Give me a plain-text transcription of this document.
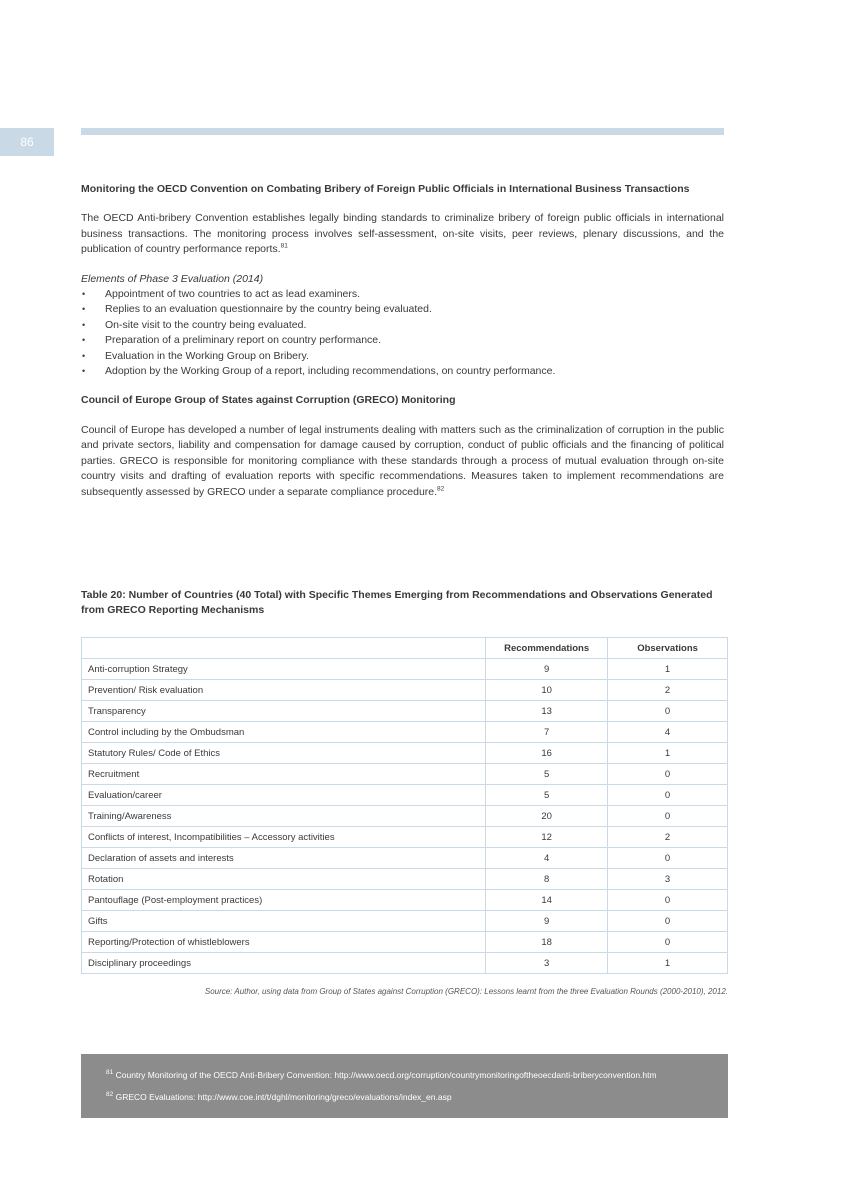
86

Monitoring the OECD Convention on Combating Bribery of Foreign Public Officials in International Business Transactions

The OECD Anti-bribery Convention establishes legally binding standards to criminalize bribery of foreign public officials in international business transactions. The monitoring process involves self-assessment, on-site visits, peer reviews, plenary discussions, and the publication of country performance reports.$^{81}$

Elements of Phase 3 Evaluation (2014)

• Appointment of two countries to act as lead examiners.
• Replies to an evaluation questionnaire by the country being evaluated.
• On-site visit to the country being evaluated.
• Preparation of a preliminary report on country performance.
• Evaluation in the Working Group on Bribery.
• Adoption by the Working Group of a report, including recommendations, on country performance.

Council of Europe Group of States against Corruption (GRECO) Monitoring

Council of Europe has developed a number of legal instruments dealing with matters such as the criminalization of corruption in the public and private sectors, liability and compensation for damage caused by corruption, conduct of public officials and the financing of political parties. GRECO is responsible for monitoring compliance with these standards through a process of mutual evaluation through on-site country visits and drafting of evaluation reports with specific recommendations. Measures taken to implement recommendations are subsequently assessed by GRECO under a separate compliance procedure.$^{82}$

Table 20: Number of Countries (40 Total) with Specific Themes Emerging from Recommendations and Observations Generated from GRECO Reporting Mechanisms

	Recommendations	Observations
Anti-corruption Strategy	9	1
Prevention/ Risk evaluation	10	2
Transparency	13	0
Control including by the Ombudsman	7	4
Statutory Rules/ Code of Ethics	16	1
Recruitment	5	0
Evaluation/career	5	0
Training/Awareness	20	0
Conflicts of interest, Incompatibilities – Accessory activities	12	2
Declaration of assets and interests	4	0
Rotation	8	3
Pantouflage (Post-employment practices)	14	0
Gifts	9	0
Reporting/Protection of whistleblowers	18	0
Disciplinary proceedings	3	1
Source: Author, using data from Group of States against Corruption (GRECO): Lessons learnt from the three Evaluation Rounds (2000-2010), 2012.
$^{81}$ Country Monitoring of the OECD Anti-Bribery Convention: http://www.oecd.org/corruption/countrymonitoringoftheoecdanti-briberyconvention.htm
$^{82}$ GRECO Evaluations: http://www.coe.int/t/dghl/monitoring/greco/evaluations/index_en.asp
